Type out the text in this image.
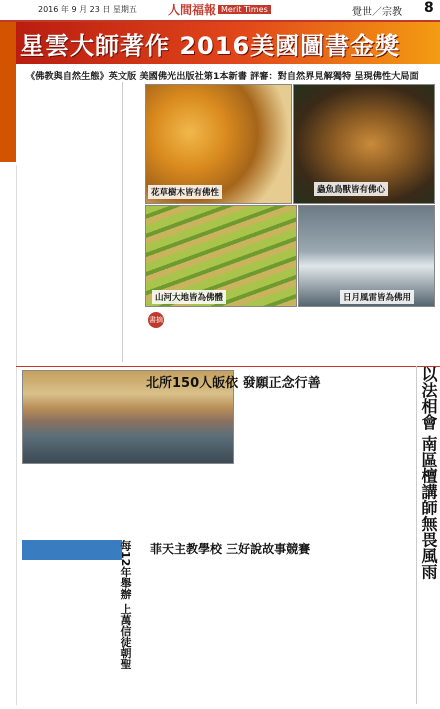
2016 年 9 月 23 日 星期五	人間福報 Merit Times	覺世／宗教 8
星雲大師著作 2016美國圖書金獎
《佛教與自然生態》英文版 美國佛光出版社第1本新書 評審：對自然界見解獨特 呈現佛性大局面
花草樹木皆有佛性	蟲魚鳥獸皆有佛心
山河大地皆為佛體	日月風雷皆為佛用
書摘
北所150人皈依 發願正念行善	以法相會 南區檀講師無畏風雨
菲天主教學校 三好說故事競賽
每12年舉辦 上萬信徒朝聖
